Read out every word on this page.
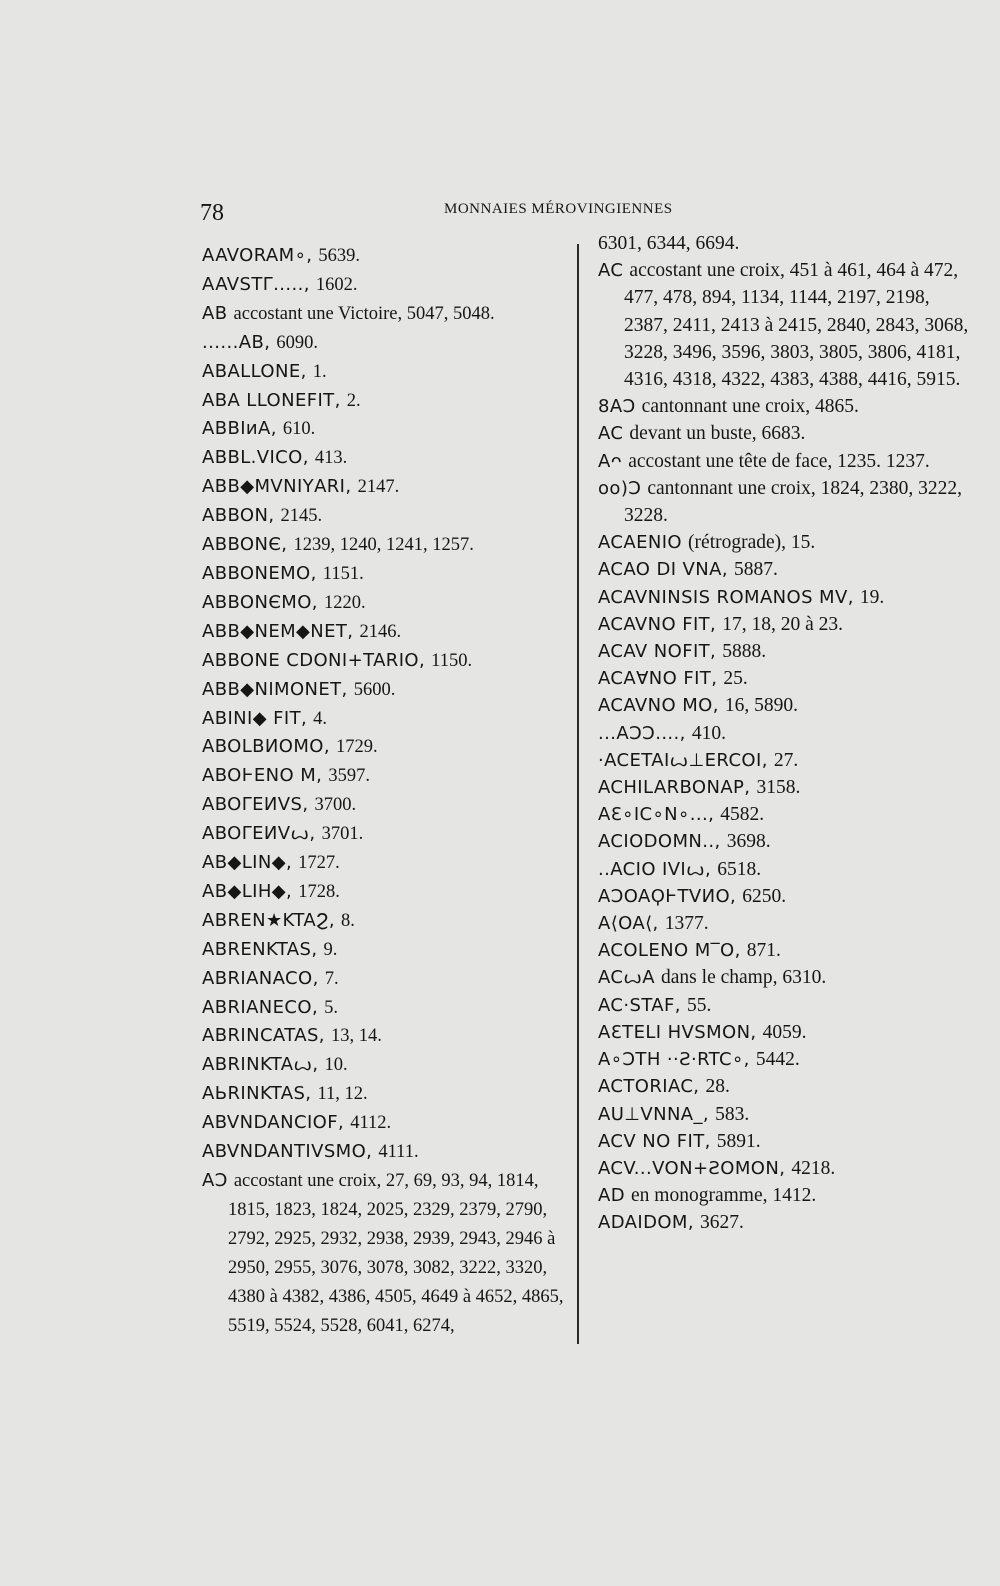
78	MONNAIES MÉROVINGIENNES
AAVORAM∘, 5639.
AAVSTΓ....., 1602.
AB accostant une Victoire, 5047, 5048.
......AB, 6090.
ABALLONE, 1.
ABA LLONEFIT, 2.
ABBIᴎA, 610.
ABBL.VICO, 413.
ABB◆MVNIΥARI, 2147.
ABBON, 2145.
ABBONЄ, 1239, 1240, 1241, 1257.
ABBONEMO, 1151.
ABBONЄMO, 1220.
ABB◆NEM◆NET, 2146.
ABBONE ⅭⅮONI+TARIO, 1150.
ABB◆NIMONET, 5600.
ABINI◆ FIT, 4.
ABOLBИOMO, 1729.
ABOⱵENO M, 3597.
ABOΓEИVS, 3700.
ABOΓEИVꙍ, 3701.
AB◆LIN◆, 1727.
AB◆LIH◆, 1728.
ABREN★KTAϨ, 8.
ABRENKTAS, 9.
ABRIANACO, 7.
ABRIANECO, 5.
ABRINCATAS, 13, 14.
ABRINKTAꙍ, 10.
AЬRINKTAS, 11, 12.
ABVNDANCIOF, 4112.
ABVNDANTIVSMO, 4111.
AƆ accostant une croix, 27, 69, 93, 94, 1814, 1815, 1823, 1824, 2025, 2329, 2379, 2790, 2792, 2925, 2932, 2938, 2939, 2943, 2946 à 2950, 2955, 3076, 3078, 3082, 3222, 3320, 4380 à 4382, 4386, 4505, 4649 à 4652, 4865, 5519, 5524, 5528, 6041, 6274,
6301, 6344, 6694.
AC accostant une croix, 451 à 461, 464 à 472, 477, 478, 894, 1134, 1144, 2197, 2198, 2387, 2411, 2413 à 2415, 2840, 2843, 3068, 3228, 3496, 3596, 3803, 3805, 3806, 4181, 4316, 4318, 4322, 4383, 4388, 4416, 5915.
8AƆ cantonnant une croix, 4865.
AC devant un buste, 6683.
Aᴖ accostant une tête de face, 1235. 1237.
oo)Ɔ cantonnant une croix, 1824, 2380, 3222, 3228.
ACAENIO (rétrograde), 15.
ACAO DI VNA, 5887.
ACAVNINSIS ROMANOS MV, 19.
ACAVNO FIT, 17, 18, 20 à 23.
ACAV NOFIT, 5888.
ACAⱯNO FIT, 25.
ACAVNO MO, 16, 5890.
...AƆƆ...., 410.
·ACETAIꙍ⊥ERCOI, 27.
ACHILARBONAP, 3158.
AƐ∘IC∘N∘..., 4582.
ACIODOMN.., 3698.
..ACIO IVIꙍ, 6518.
AƆOAϘⱵTVИO, 6250.
A⟨OA⟨, 1377.
ACOLENO M‾O, 871.
ACꙍA dans le champ, 6310.
AC·STAF, 55.
AƐTELI HVSMON, 4059.
A∘ƆTH ··Ƨ·RTC∘, 5442.
ACTORIAC, 28.
AU⊥VNNA_, 583.
ACV NO FIT, 5891.
ACV...VON+ƧOMON, 4218.
AD en monogramme, 1412.
ADAIDOM, 3627.
